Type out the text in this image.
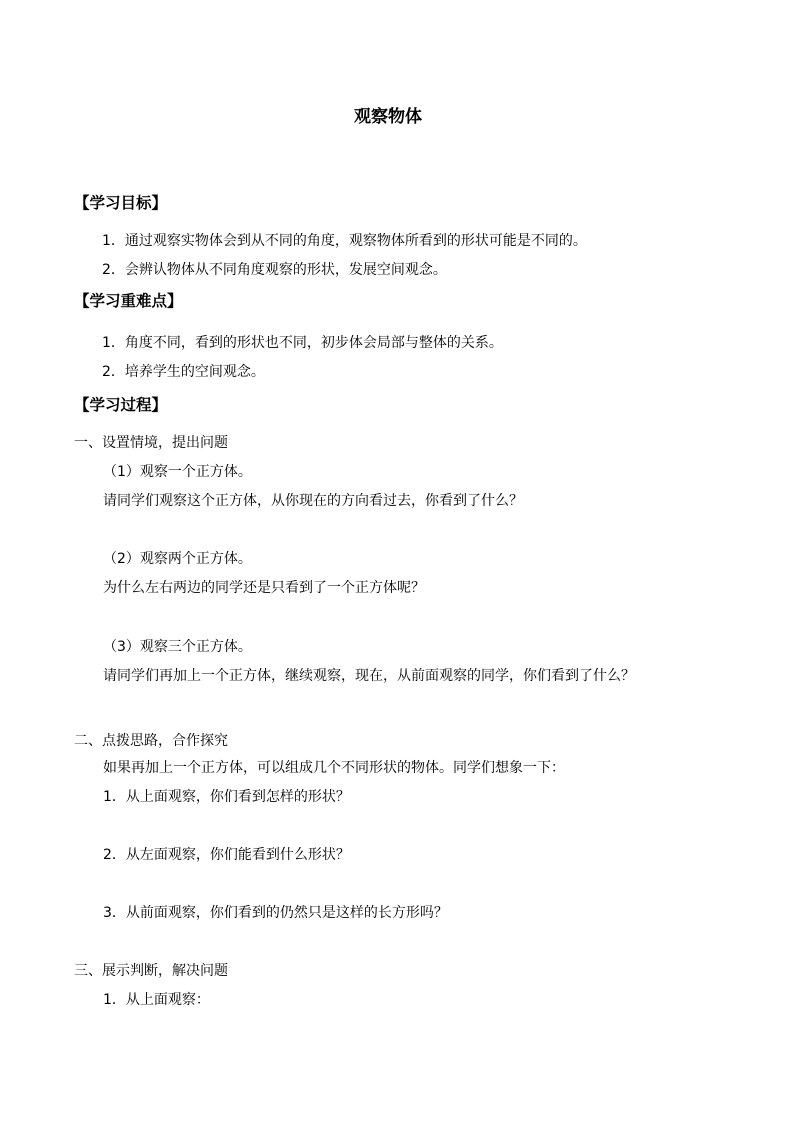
观察物体
【学习目标】
1．通过观察实物体会到从不同的角度，观察物体所看到的形状可能是不同的。
2．会辨认物体从不同角度观察的形状，发展空间观念。
【学习重难点】
1．角度不同，看到的形状也不同，初步体会局部与整体的关系。
2．培养学生的空间观念。
【学习过程】
一、设置情境，提出问题
（1）观察一个正方体。
请同学们观察这个正方体，从你现在的方向看过去，你看到了什么？
（2）观察两个正方体。
为什么左右两边的同学还是只看到了一个正方体呢？
（3）观察三个正方体。
请同学们再加上一个正方体，继续观察，现在，从前面观察的同学，你们看到了什么？
二、点拨思路，合作探究
如果再加上一个正方体，可以组成几个不同形状的物体。同学们想象一下：
1．从上面观察，你们看到怎样的形状？
2．从左面观察，你们能看到什么形状？
3．从前面观察，你们看到的仍然只是这样的长方形吗？
三、展示判断，解决问题
1．从上面观察：
